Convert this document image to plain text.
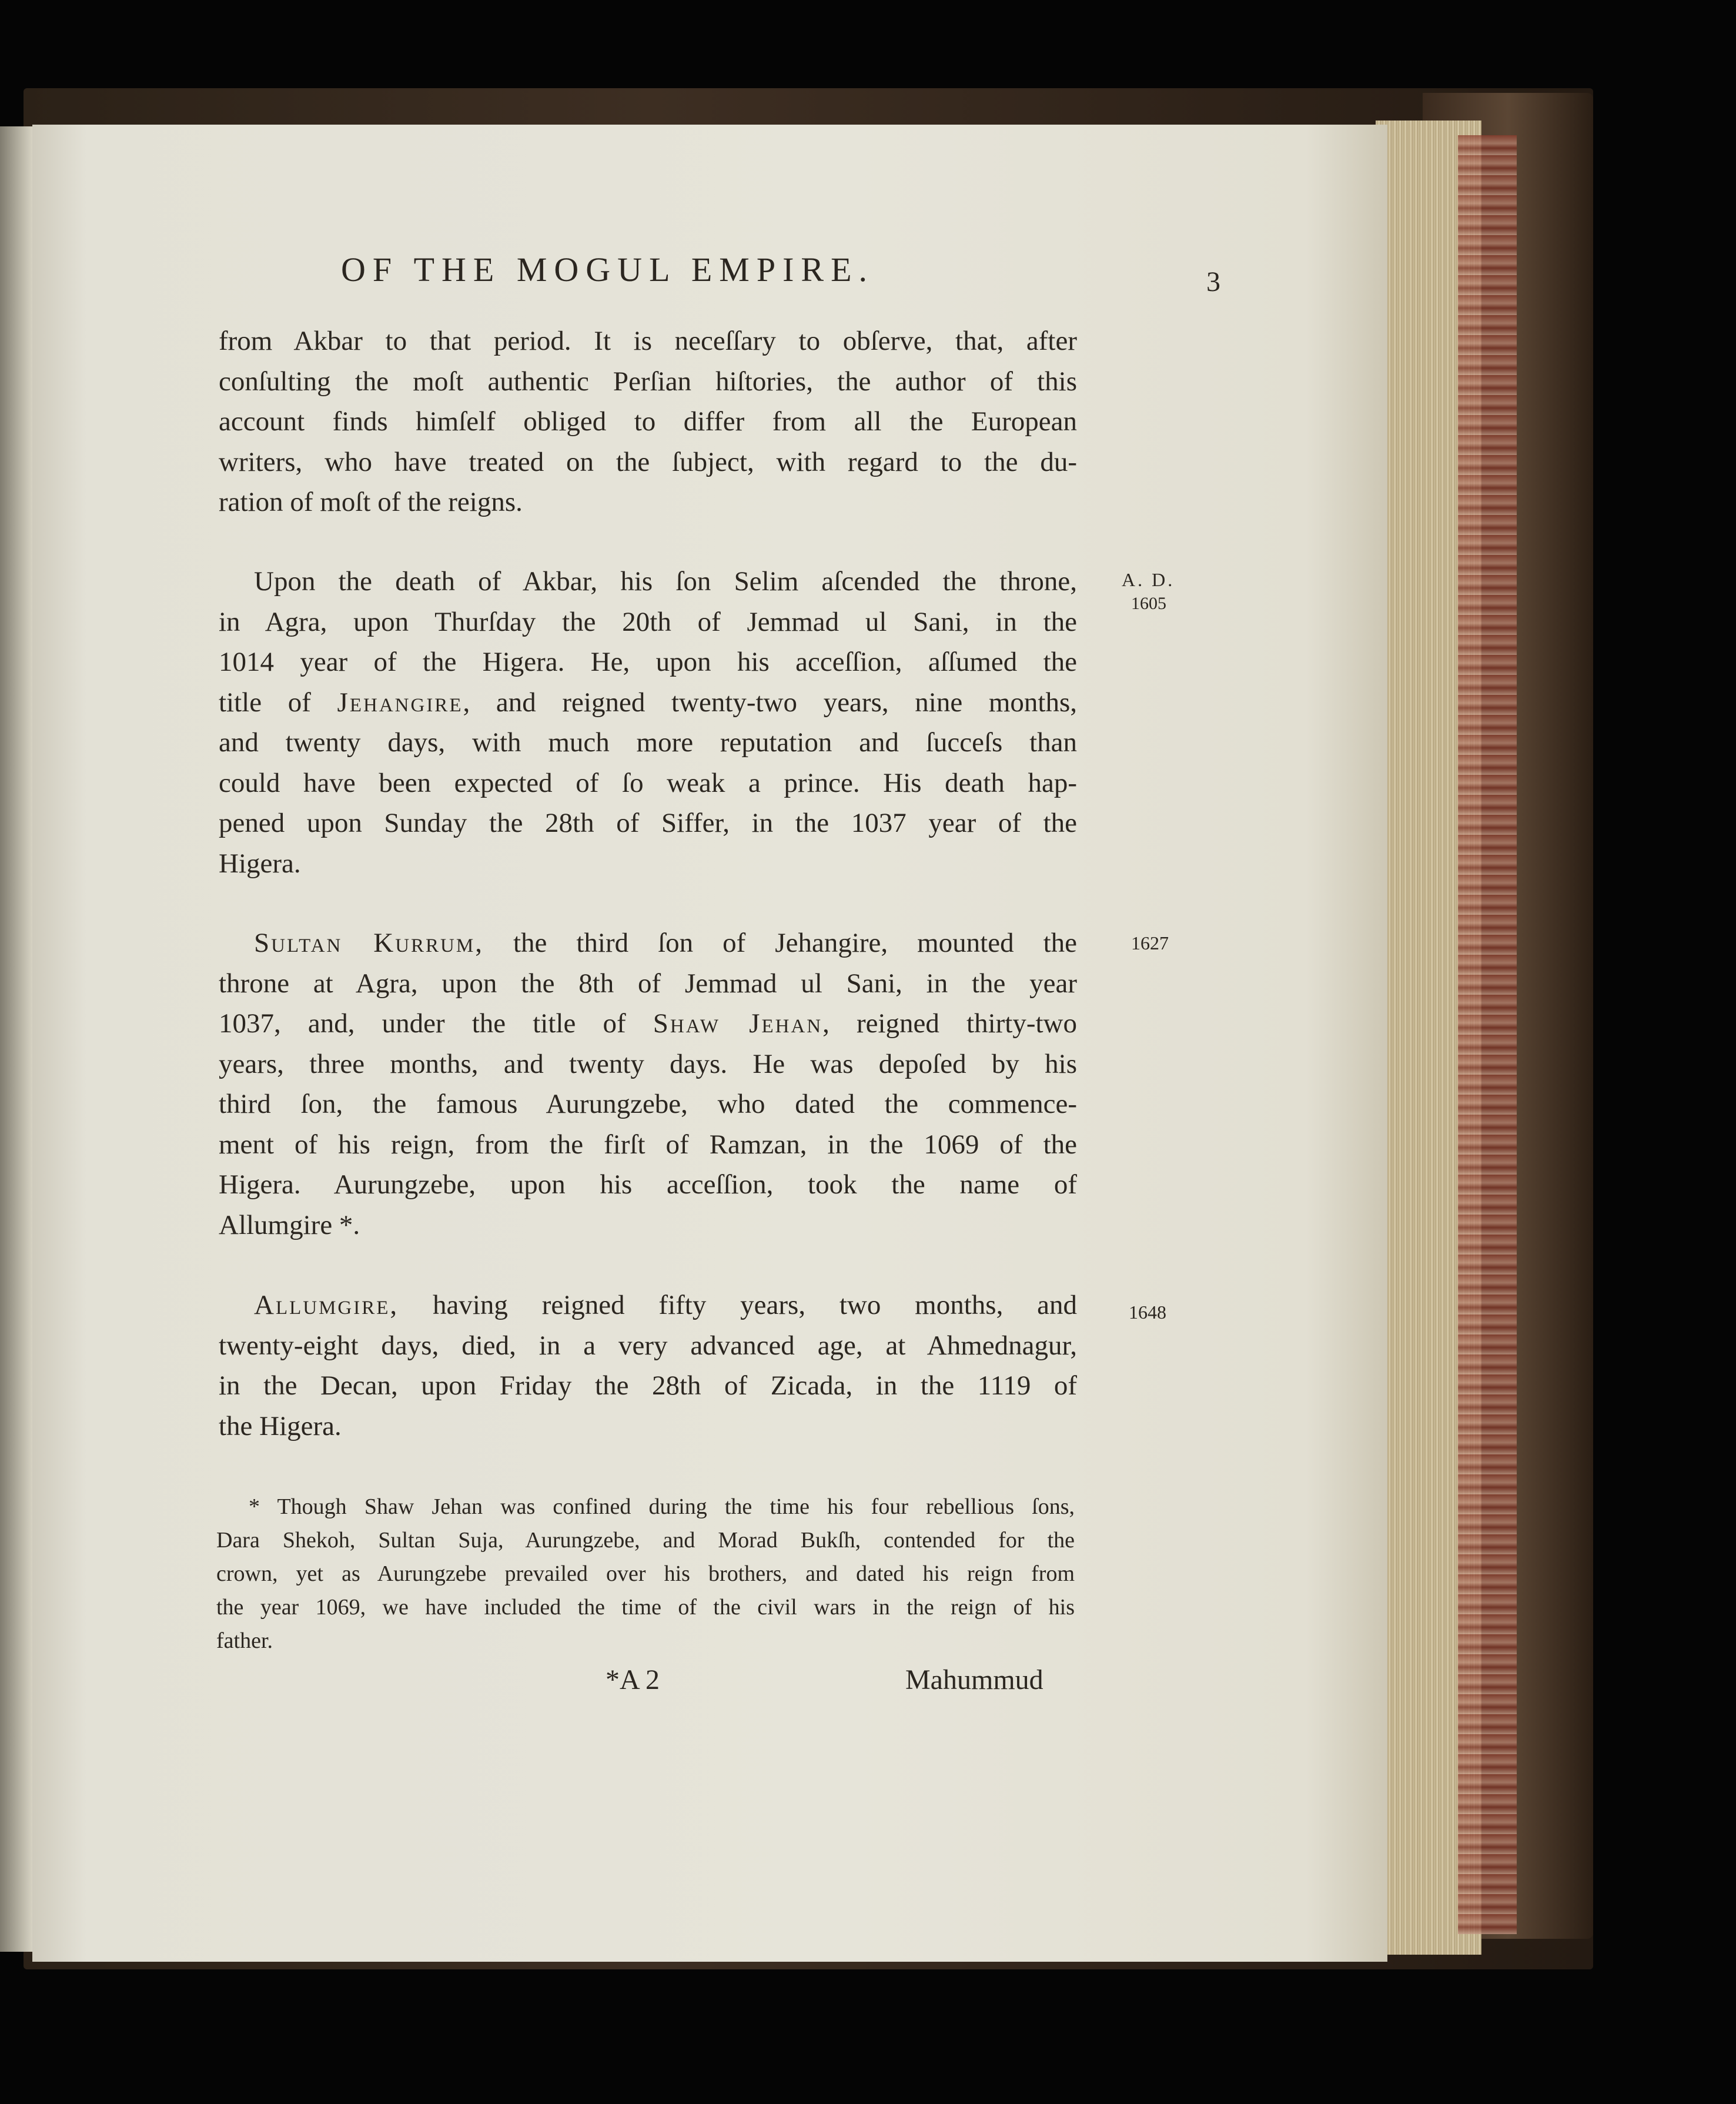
OF THE MOGUL EMPIRE.	3
from Akbar to that period. It is neceſſary to obſerve, that, after
conſulting the moſt authentic Perſian hiſtories, the author of this
account finds himſelf obliged to differ from all the European
writers, who have treated on the ſubject, with regard to the du-
ration of moſt of the reigns.
Upon the death of Akbar, his ſon Selim aſcended the throne,
in Agra, upon Thurſday the 20th of Jemmad ul Sani, in the
1014 year of the Higera. He, upon his acceſſion, aſſumed the
title of Jehangire, and reigned twenty-two years, nine months,
and twenty days, with much more reputation and ſucceſs than
could have been expected of ſo weak a prince. His death hap-
pened upon Sunday the 28th of Siffer, in the 1037 year of the
Higera.
Sultan Kurrum, the third ſon of Jehangire, mounted the
throne at Agra, upon the 8th of Jemmad ul Sani, in the year
1037, and, under the title of Shaw Jehan, reigned thirty-two
years, three months, and twenty days. He was depoſed by his
third ſon, the famous Aurungzebe, who dated the commence-
ment of his reign, from the firſt of Ramzan, in the 1069 of the
Higera. Aurungzebe, upon his acceſſion, took the name of
Allumgire *.
Allumgire, having reigned fifty years, two months, and
twenty-eight days, died, in a very advanced age, at Ahmednagur,
in the Decan, upon Friday the 28th of Zicada, in the 1119 of
the Higera.
A. D.
1605
1627
1648
* Though Shaw Jehan was confined during the time his four rebellious ſons,
Dara Shekoh, Sultan Suja, Aurungzebe, and Morad Bukſh, contended for the
crown, yet as Aurungzebe prevailed over his brothers, and dated his reign from
the year 1069, we have included the time of the civil wars in the reign of his
father.
*A 2	Mahummud
